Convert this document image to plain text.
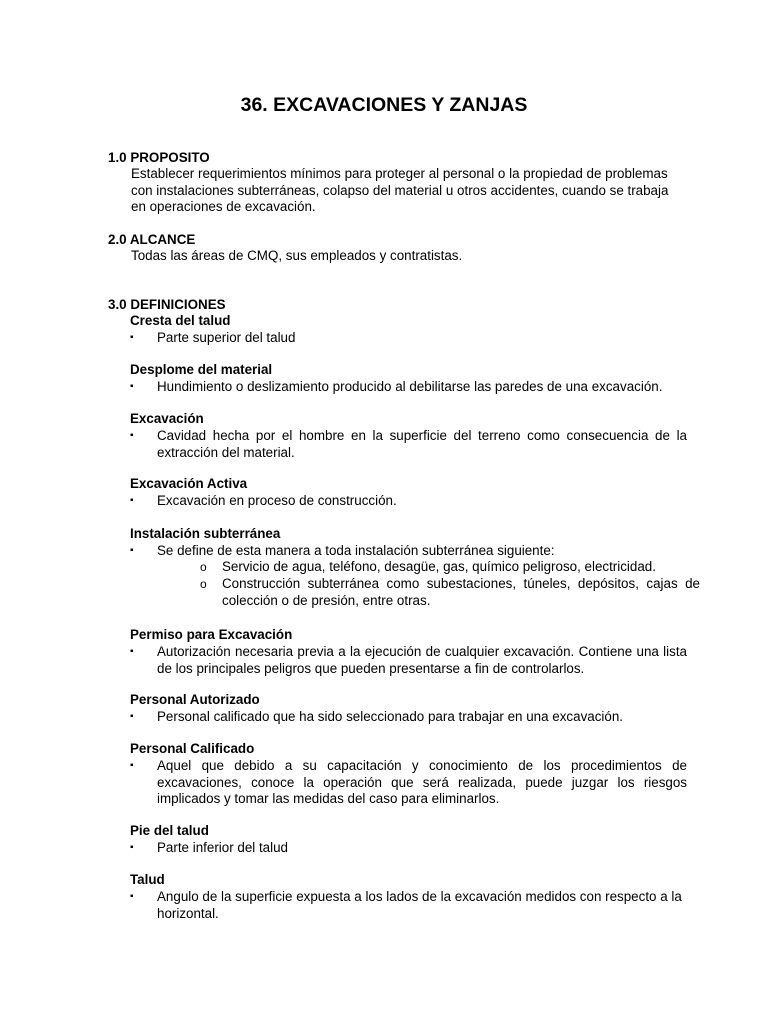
36. EXCAVACIONES Y ZANJAS
1.0 PROPOSITO
Establecer requerimientos mínimos para proteger al personal o la propiedad de problemas
con instalaciones subterráneas, colapso del material u otros accidentes, cuando se trabaja
en operaciones de excavación.
2.0 ALCANCE
Todas las áreas de CMQ, sus empleados y contratistas.
3.0 DEFINICIONES
Cresta del talud
▪	Parte superior del talud
Desplome del material
▪	Hundimiento o deslizamiento producido al debilitarse las paredes de una excavación.
Excavación
▪	Cavidad hecha por el hombre en la superficie del terreno como consecuencia de la extracción del material.
Excavación Activa
▪	Excavación en proceso de construcción.
Instalación subterránea
▪	Se define de esta manera a toda instalación subterránea siguiente:
o Servicio de agua, teléfono, desagüe, gas, químico peligroso, electricidad.
o Construcción subterránea como subestaciones, túneles, depósitos, cajas de colección o de presión, entre otras.
Permiso para Excavación
▪	Autorización necesaria previa a la ejecución de cualquier excavación. Contiene una lista de los principales peligros que pueden presentarse a fin de controlarlos.
Personal Autorizado
▪	Personal calificado que ha sido seleccionado para trabajar en una excavación.
Personal Calificado
▪	Aquel que debido a su capacitación y conocimiento de los procedimientos de excavaciones, conoce la operación que será realizada, puede juzgar los riesgos implicados y tomar las medidas del caso para eliminarlos.
Pie del talud
▪	Parte inferior del talud
Talud
▪	Angulo de la superficie expuesta a los lados de la excavación medidos con respecto a la horizontal.
